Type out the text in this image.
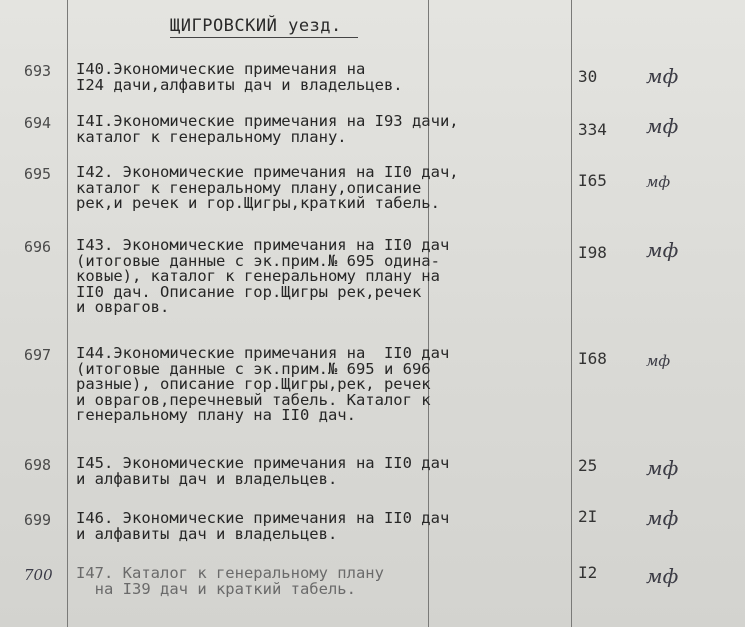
ЩИГРОВСКИЙ уезд.
693	I40.Экономические примечания на
I24 дачи,алфавиты дач и владельцев.	30	мф
694	I4I.Экономические примечания на I93 дачи,
каталог к генеральному плану.	334	мф
695	I42. Экономические примечания на II0 дач,
каталог к генеральному плану,описание
рек,и речек и гор.Щигры,краткий табель.
I65	мф
696	I43. Экономические примечания на II0 дач
(итоговые данные с эк.прим.№ 695 одина-
ковые), каталог к генеральному плану на
II0 дач. Описание гор.Щигры рек,речек
и оврагов.
I98	мф
697	I44.Экономические примечания на  II0 дач
(итоговые данные с эк.прим.№ 695 и 696
разные), описание гор.Щигры,рек, речек
и оврагов,перечневый табель. Каталог к
генеральному плану на II0 дач.
I68	мф
698	I45. Экономические примечания на II0 дач
и алфавиты дач и владельцев.
25	мф
699	I46. Экономические примечания на II0 дач
и алфавиты дач и владельцев.
2I	мф
700	I47. Каталог к генеральному плану
на I39 дач и краткий табель.
I2	мф
